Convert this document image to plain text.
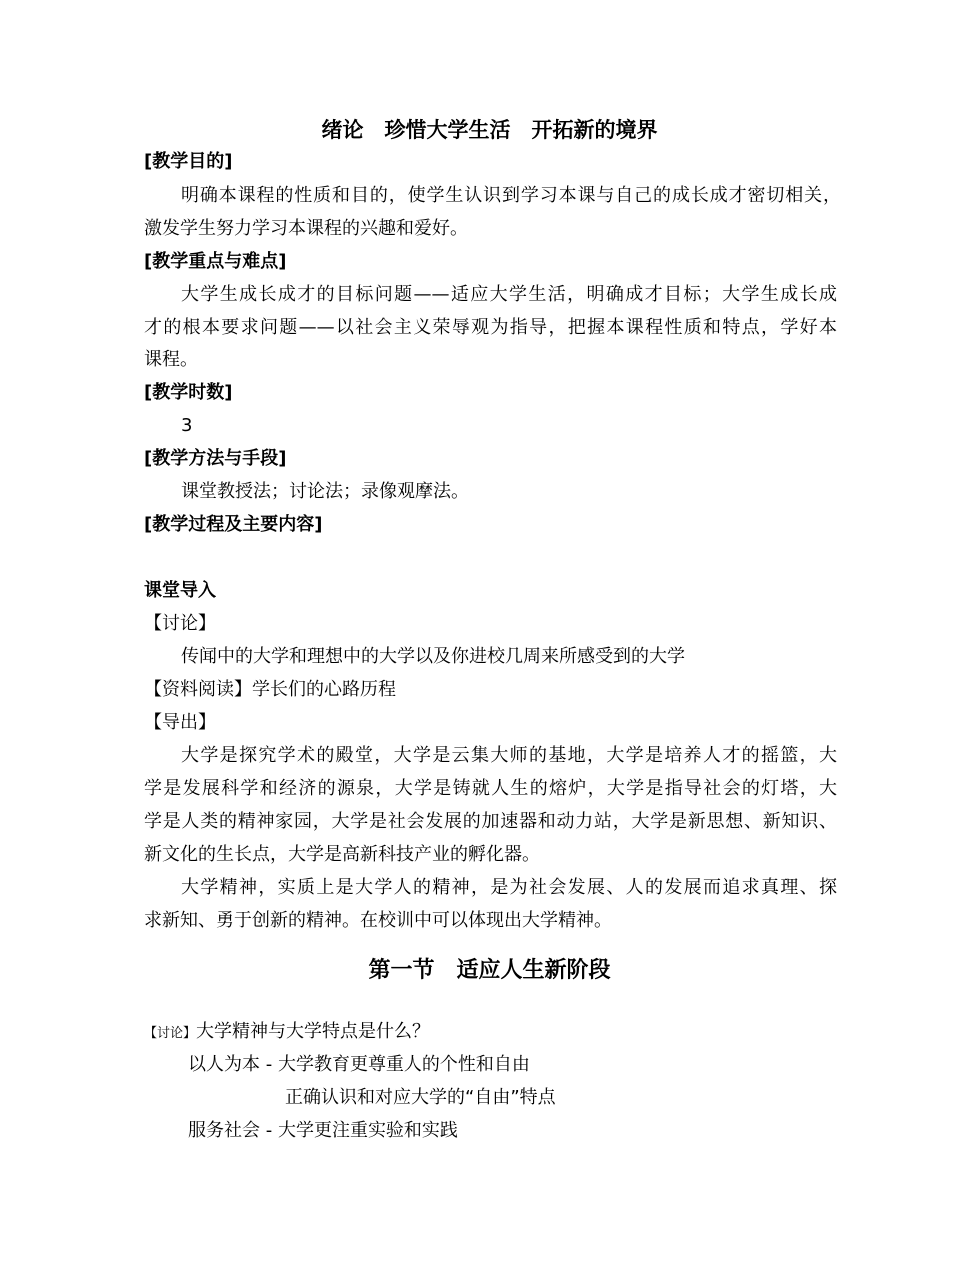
绪论　珍惜大学生活　开拓新的境界
[教学目的]
明确本课程的性质和目的，使学生认识到学习本课与自己的成长成才密切相关，
激发学生努力学习本课程的兴趣和爱好。
[教学重点与难点]
大学生成长成才的目标问题——适应大学生活，明确成才目标；大学生成长成
才的根本要求问题——以社会主义荣辱观为指导，把握本课程性质和特点，学好本
课程。
[教学时数]
3
[教学方法与手段]
课堂教授法；讨论法；录像观摩法。
[教学过程及主要内容]
课堂导入
【讨论】
传闻中的大学和理想中的大学以及你进校几周来所感受到的大学
【资料阅读】学长们的心路历程
【导出】
大学是探究学术的殿堂，大学是云集大师的基地，大学是培养人才的摇篮，大
学是发展科学和经济的源泉，大学是铸就人生的熔炉，大学是指导社会的灯塔，大
学是人类的精神家园，大学是社会发展的加速器和动力站，大学是新思想、新知识、
新文化的生长点，大学是高新科技产业的孵化器。
大学精神，实质上是大学人的精神，是为社会发展、人的发展而追求真理、探
求新知、勇于创新的精神。在校训中可以体现出大学精神。
第一节　适应人生新阶段
【讨论】大学精神与大学特点是什么？
以人为本 - 大学教育更尊重人的个性和自由
正确认识和对应大学的“自由”特点
服务社会 - 大学更注重实验和实践
